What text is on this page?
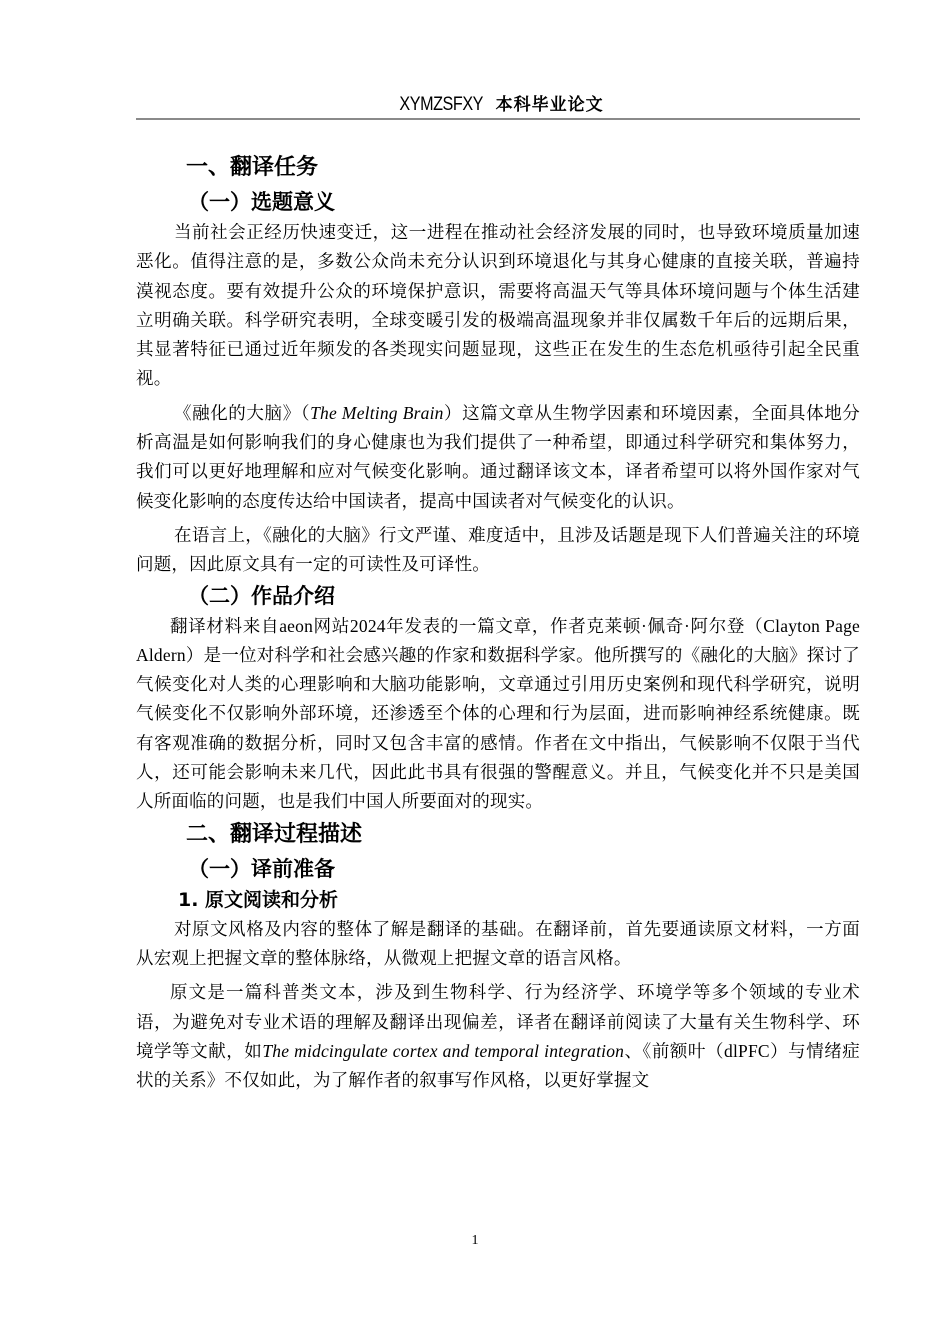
XYMZSFXY 本科毕业论文
一、翻译任务
（一）选题意义

当前社会正经历快速变迁，这一进程在推动社会经济发展的同时，也导致环境质量加速恶化。值得注意的是，多数公众尚未充分认识到环境退化与其身心健康的直接关联，普遍持漠视态度。要有效提升公众的环境保护意识，需要将高温天气等具体环境问题与个体生活建立明确关联。科学研究表明，全球变暖引发的极端高温现象并非仅属数千年后的远期后果，其显著特征已通过近年频发的各类现实问题显现，这些正在发生的生态危机亟待引起全民重视。

《融化的大脑》（The Melting Brain）这篇文章从生物学因素和环境因素，全面具体地分析高温是如何影响我们的身心健康也为我们提供了一种希望，即通过科学研究和集体努力，我们可以更好地理解和应对气候变化影响。通过翻译该文本，译者希望可以将外国作家对气候变化影响的态度传达给中国读者，提高中国读者对气候变化的认识。

在语言上，《融化的大脑》行文严谨、难度适中，且涉及话题是现下人们普遍关注的环境问题，因此原文具有一定的可读性及可译性。

（二）作品介绍

翻译材料来自aeon网站2024年发表的一篇文章，作者克莱顿·佩奇·阿尔登（Clayton Page Aldern）是一位对科学和社会感兴趣的作家和数据科学家。他所撰写的《融化的大脑》探讨了气候变化对人类的心理影响和大脑功能影响，文章通过引用历史案例和现代科学研究，说明气候变化不仅影响外部环境，还渗透至个体的心理和行为层面，进而影响神经系统健康。既有客观准确的数据分析，同时又包含丰富的感情。作者在文中指出，气候影响不仅限于当代人，还可能会影响未来几代，因此此书具有很强的警醒意义。并且，气候变化并不只是美国人所面临的问题，也是我们中国人所要面对的现实。

二、翻译过程描述
（一）译前准备
1. 原文阅读和分析

对原文风格及内容的整体了解是翻译的基础。在翻译前，首先要通读原文材料，一方面从宏观上把握文章的整体脉络，从微观上把握文章的语言风格。

原文是一篇科普类文本，涉及到生物科学、行为经济学、环境学等多个领域的专业术语，为避免对专业术语的理解及翻译出现偏差，译者在翻译前阅读了大量有关生物科学、环境学等文献，如The midcingulate cortex and temporal integration、《前额叶（dlPFC）与情绪症状的关系》不仅如此，为了解作者的叙事写作风格，以更好掌握文

1
